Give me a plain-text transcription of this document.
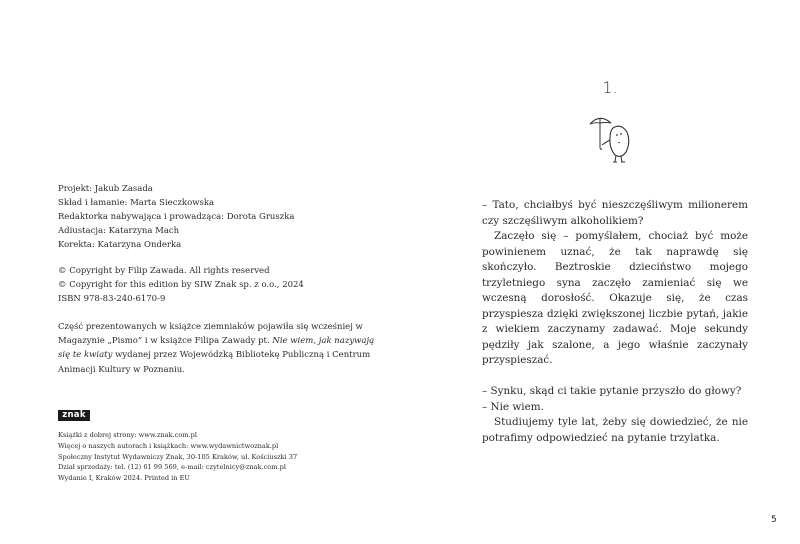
Projekt: Jakub Zasada
Skład i łamanie: Marta Sieczkowska
Redaktorka nabywająca i prowadząca: Dorota Gruszka
Adiustacja: Katarzyna Mach
Korekta: Katarzyna Onderka
© Copyright by Filip Zawada. All rights reserved
© Copyright for this edition by SIW Znak sp. z o.o., 2024
ISBN 978-83-240-6170-9
Część prezentowanych w książce ziemniaków pojawiła się wcześniej w Magazynie „Pismo” i w książce Filipa Zawady pt. Nie wiem, jak nazywają się te kwiaty wydanej przez Wojewódzką Bibliotekę Publiczną i Centrum Animacji Kultury w Poznaniu.
znak
Książki z dobrej strony: www.znak.com.pl
Więcej o naszych autorach i książkach: www.wydawnictwoznak.pl
Społeczny Instytut Wydawniczy Znak, 30-105 Kraków, ul. Kościuszki 37
Dział sprzedaży: tel. (12) 61 99 569, e-mail: czytelnicy@znak.com.pl
Wydanie I, Kraków 2024. Printed in EU
1.

– Tato, chciałbyś być nieszczęśliwym milionerem czy szczęśliwym alkoholikiem?

Zaczęło się – pomyślałem, chociaż być może powinienem uznać, że tak naprawdę się skończyło. Beztroskie dzieciństwo mojego trzyletniego syna zaczęło zamieniać się we wczesną dorosłość. Okazuje się, że czas przyspiesza dzięki zwiększonej liczbie pytań, jakie z wiekiem zaczynamy zadawać. Moje sekundy pędziły jak szalone, a jego właśnie zaczynały przyspieszać.

– Synku, skąd ci takie pytanie przyszło do głowy?

– Nie wiem.

Studiujemy tyle lat, żeby się dowiedzieć, że nie potrafimy odpowiedzieć na pytanie trzylatka.

5
